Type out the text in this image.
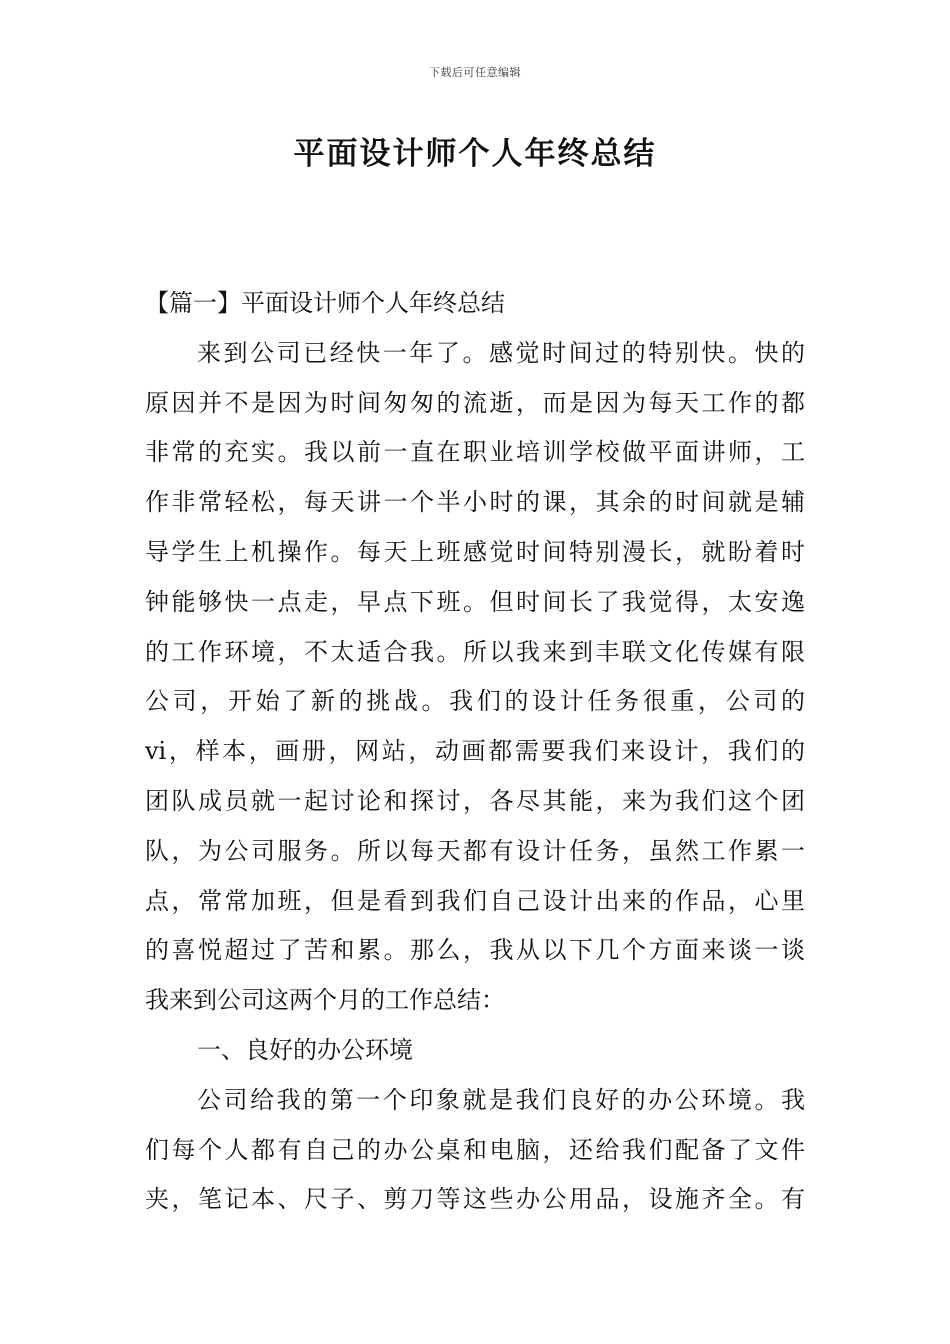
下载后可任意编辑
平面设计师个人年终总结
【篇一】平面设计师个人年终总结
来到公司已经快一年了。感觉时间过的特别快。快的
原因并不是因为时间匆匆的流逝，而是因为每天工作的都
非常的充实。我以前一直在职业培训学校做平面讲师，工
作非常轻松，每天讲一个半小时的课，其余的时间就是辅
导学生上机操作。每天上班感觉时间特别漫长，就盼着时
钟能够快一点走，早点下班。但时间长了我觉得，太安逸
的工作环境，不太适合我。所以我来到丰联文化传媒有限
公司，开始了新的挑战。我们的设计任务很重，公司的
vi，样本，画册，网站，动画都需要我们来设计，我们的
团队成员就一起讨论和探讨，各尽其能，来为我们这个团
队，为公司服务。所以每天都有设计任务，虽然工作累一
点，常常加班，但是看到我们自己设计出来的作品，心里
的喜悦超过了苦和累。那么，我从以下几个方面来谈一谈
我来到公司这两个月的工作总结：
一、良好的办公环境
公司给我的第一个印象就是我们良好的办公环境。我
们每个人都有自己的办公桌和电脑，还给我们配备了文件
夹，笔记本、尺子、剪刀等这些办公用品，设施齐全。有
